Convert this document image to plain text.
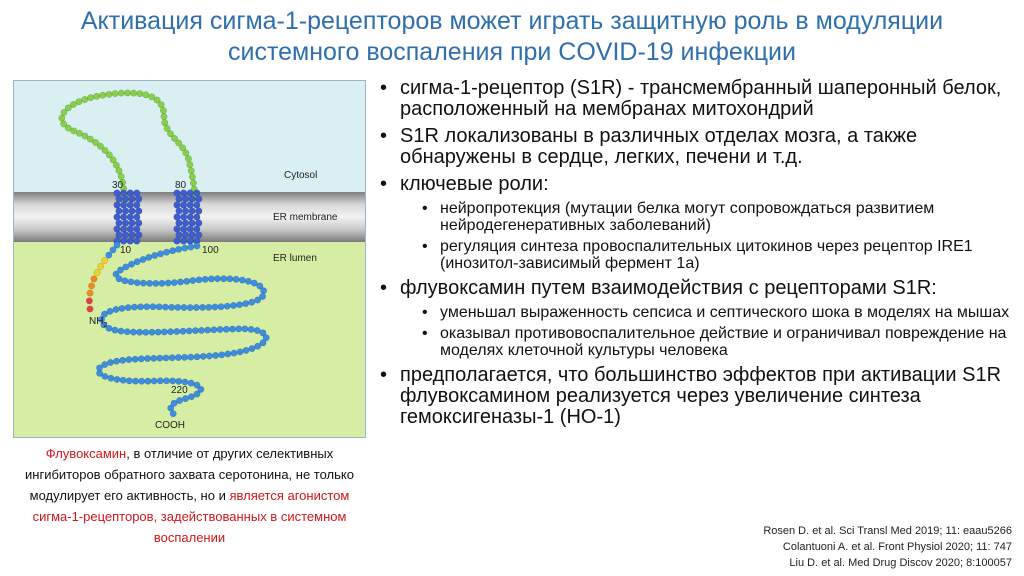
Активация сигма-1-рецепторов может играть защитную роль в модуляции
системного воспаления при COVID-19 инфекции
Cytosol
ER membrane
ER lumen
30	80
10	100
220
$NH_2$
COOH
Флувоксамин, в отличие от других селективных ингибиторов обратного захвата серотонина, не только модулирует его активность, но и является агонистом сигма-1-рецепторов, задействованных в системном воспалении
• сигма-1-рецептор (S1R) - трансмембранный шаперонный белок, расположенный на мембранах митохондрий
• S1R локализованы в различных отделах мозга, а также обнаружены в сердце, легких, печени и т.д.
• ключевые роли:
• нейропротекция (мутации белка могут сопровождаться развитием нейродегенеративных заболеваний)
• регуляция синтеза провоспалительных цитокинов через рецептор IRE1 (инозитол-зависимый фермент 1а)
• флувоксамин путем взаимодействия с рецепторами S1R:
• уменьшал выраженность сепсиса и септического шока в моделях на мышах
• оказывал противовоспалительное действие и ограничивал повреждение на моделях клеточной культуры человека
• предполагается, что большинство эффектов при активации S1R флувоксамином реализуется через увеличение синтеза гемоксигеназы-1 (НО-1)
Rosen D. et al. Sci Transl Med 2019; 11: eaau5266
Colantuoni A. et al. Front Physiol 2020; 11: 747
Liu D. et al. Med Drug Discov 2020; 8:100057
